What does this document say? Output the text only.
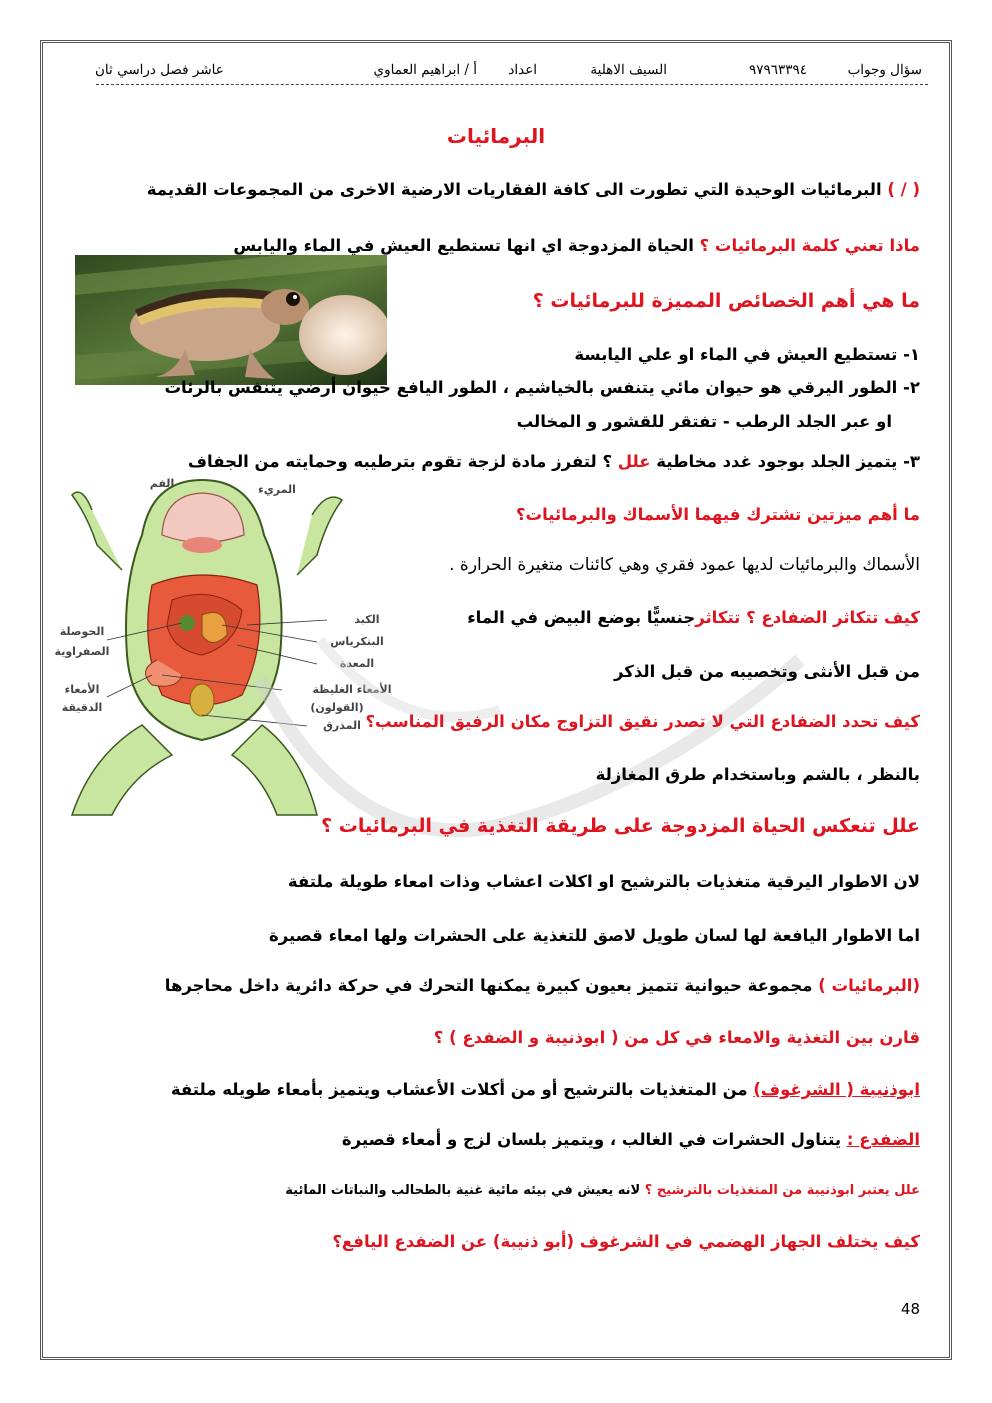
سؤال وجواب
٩٧٩٦٣٣٩٤
السيف الاهلية
اعداد
أ / ابراهيم العماوي
عاشر فصل دراسي ثان
البرمائيات
الفم	المريء
الكبد
البنكرياس
المعدة
الأمعاء الغليظة
(القولون)
المذرق
الحوصلة
الصفراوية
الأمعاء
الدقيقة
( / ) البرمائيات الوحيدة التي تطورت الى كافة الفقاريات الارضية الاخرى من المجموعات القديمة
ماذا تعني كلمة البرمائيات ؟ الحياة المزدوجة اي انها تستطيع العيش في الماء واليابس
ما هي أهم الخصائص المميزة للبرمائيات ؟
١- تستطيع العيش في الماء او علي اليابسة
٢- الطور اليرقي هو حيوان مائي يتنفس بالخياشيم ، الطور اليافع حيوان أرضي يتنفس بالرئات
او عبر الجلد الرطب - تفتقر للقشور و المخالب
٣- يتميز الجلد بوجود غدد مخاطية علل ؟ لتفرز مادة لزجة تقوم بترطيبه وحمايته من الجفاف
ما أهم ميزتين تشترك فيهما الأسماك والبرمائيات؟
الأسماك والبرمائيات لديها عمود فقري وهي كائنات متغيرة الحرارة .
كيف تتكاثر الضفادع ؟ تتكاثرجنسيًّا بوضع البيض في الماء
من قبل الأنثى وتخصيبه من قبل الذكر
كيف تحدد الضفادع التي لا تصدر نقيق التزاوج مكان الرفيق المناسب؟
بالنظر ، بالشم وباستخدام طرق المغازلة
علل تنعكس الحياة المزدوجة على طريقة التغذية في البرمائيات ؟
لان الاطوار اليرقية متغذيات بالترشيح او اكلات اعشاب وذات امعاء طويلة ملتفة
اما الاطوار اليافعة لها لسان طويل لاصق للتغذية على الحشرات ولها امعاء قصيرة
(البرمائيات ) مجموعة حيوانية تتميز بعيون كبيرة يمكنها التحرك في حركة دائرية داخل محاجرها
قارن بين التغذية والامعاء في كل من ( ابوذنيبة و الضفدع ) ؟
ابوذنيبة ( الشرغوف) من المتغذيات بالترشيح أو من أكلات الأعشاب ويتميز بأمعاء طويله ملتفة
الضفدع : يتناول الحشرات في الغالب ، ويتميز بلسان لزج و أمعاء قصيرة
علل يعتبر ابوذنيبة من المتغذيات بالترشيح ؟ لانه يعيش في بيئه مائية غنية بالطحالب والنباتات المائية
كيف يختلف الجهاز الهضمي في الشرغوف (أبو ذنيبة) عن الضفدع اليافع؟
48
